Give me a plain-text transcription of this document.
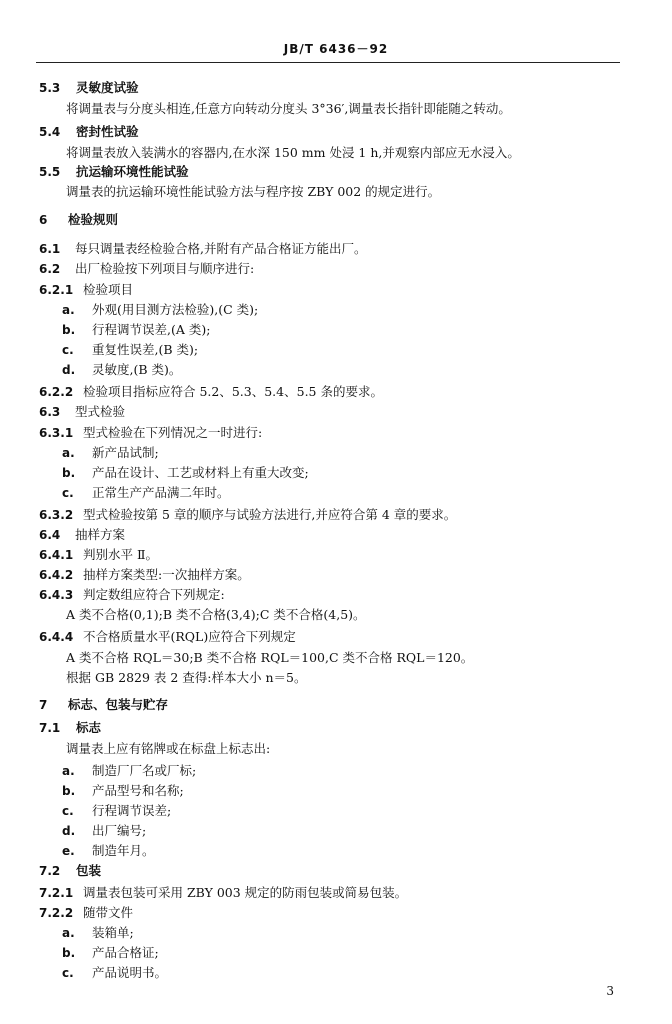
JB/T 6436－92
5.3 灵敏度试验
将调量表与分度头相连,任意方向转动分度头 3°36′,调量表长指针即能随之转动。
5.4 密封性试验
将调量表放入装满水的容器内,在水深 150 mm 处浸 1 h,并观察内部应无水浸入。
5.5 抗运输环境性能试验
调量表的抗运输环境性能试验方法与程序按 ZBY 002 的规定进行。
6 检验规则
6.1 每只调量表经检验合格,并附有产品合格证方能出厂。
6.2 出厂检验按下列项目与顺序进行:
6.2.1 检验项目
a. 外观(用目测方法检验),(C 类);
b. 行程调节误差,(A 类);
c. 重复性误差,(B 类);
d. 灵敏度,(B 类)。
6.2.2 检验项目指标应符合 5.2、5.3、5.4、5.5 条的要求。
6.3 型式检验
6.3.1 型式检验在下列情况之一时进行:
a. 新产品试制;
b. 产品在设计、工艺或材料上有重大改变;
c. 正常生产产品满二年时。
6.3.2 型式检验按第 5 章的顺序与试验方法进行,并应符合第 4 章的要求。
6.4 抽样方案
6.4.1 判别水平 Ⅱ。
6.4.2 抽样方案类型:一次抽样方案。
6.4.3 判定数组应符合下列规定:
A 类不合格(0,1);B 类不合格(3,4);C 类不合格(4,5)。
6.4.4 不合格质量水平(RQL)应符合下列规定
A 类不合格 RQL＝30;B 类不合格 RQL＝100,C 类不合格 RQL＝120。
根据 GB 2829 表 2 查得:样本大小 n＝5。
7 标志、包装与贮存
7.1 标志
调量表上应有铭牌或在标盘上标志出:
a. 制造厂厂名或厂标;
b. 产品型号和名称;
c. 行程调节误差;
d. 出厂编号;
e. 制造年月。
7.2 包装
7.2.1 调量表包装可采用 ZBY 003 规定的防雨包装或简易包装。
7.2.2 随带文件
a. 装箱单;
b. 产品合格证;
c. 产品说明书。
3
